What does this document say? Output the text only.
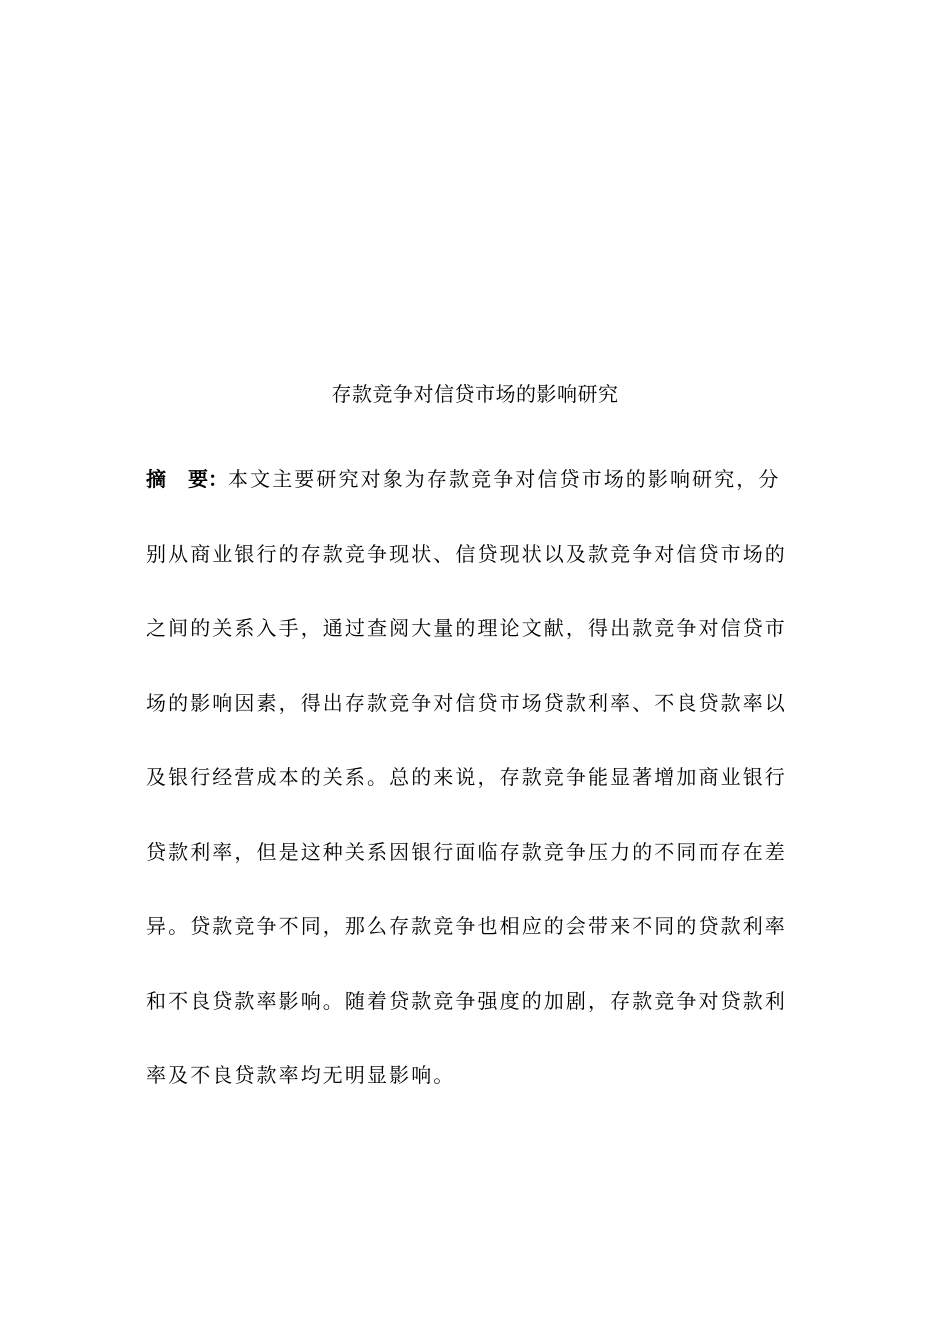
存款竞争对信贷市场的影响研究
摘 要：本文主要研究对象为存款竞争对信贷市场的影响研究，分
别从商业银行的存款竞争现状、信贷现状以及款竞争对信贷市场的
之间的关系入手，通过查阅大量的理论文献，得出款竞争对信贷市
场的影响因素，得出存款竞争对信贷市场贷款利率、不良贷款率以
及银行经营成本的关系。总的来说，存款竞争能显著增加商业银行
贷款利率，但是这种关系因银行面临存款竞争压力的不同而存在差
异。贷款竞争不同，那么存款竞争也相应的会带来不同的贷款利率
和不良贷款率影响。随着贷款竞争强度的加剧，存款竞争对贷款利
率及不良贷款率均无明显影响。
